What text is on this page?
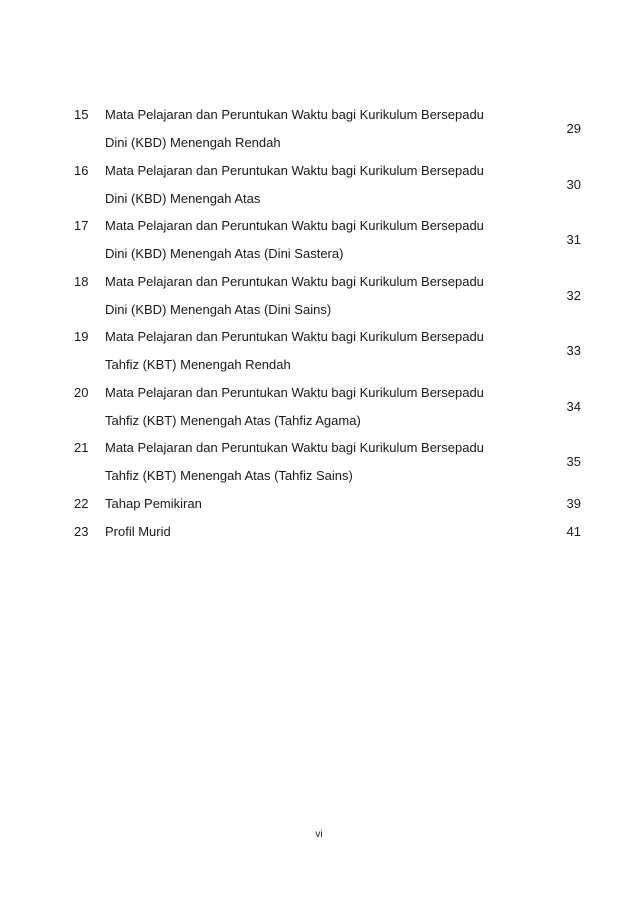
15	Mata Pelajaran dan Peruntukan Waktu bagi Kurikulum Bersepadu
Dini (KBD) Menengah Rendah
29
16	Mata Pelajaran dan Peruntukan Waktu bagi Kurikulum Bersepadu
Dini (KBD) Menengah Atas
30
17	Mata Pelajaran dan Peruntukan Waktu bagi Kurikulum Bersepadu
Dini (KBD) Menengah Atas (Dini Sastera)
31
18	Mata Pelajaran dan Peruntukan Waktu bagi Kurikulum Bersepadu
Dini (KBD) Menengah Atas (Dini Sains)
32
19	Mata Pelajaran dan Peruntukan Waktu bagi Kurikulum Bersepadu
Tahfiz (KBT) Menengah Rendah
33
20	Mata Pelajaran dan Peruntukan Waktu bagi Kurikulum Bersepadu
Tahfiz (KBT) Menengah Atas (Tahfiz Agama)
34
21	Mata Pelajaran dan Peruntukan Waktu bagi Kurikulum Bersepadu
Tahfiz (KBT) Menengah Atas (Tahfiz Sains)
35
22	Tahap Pemikiran	39
23	Profil Murid	41
vi
